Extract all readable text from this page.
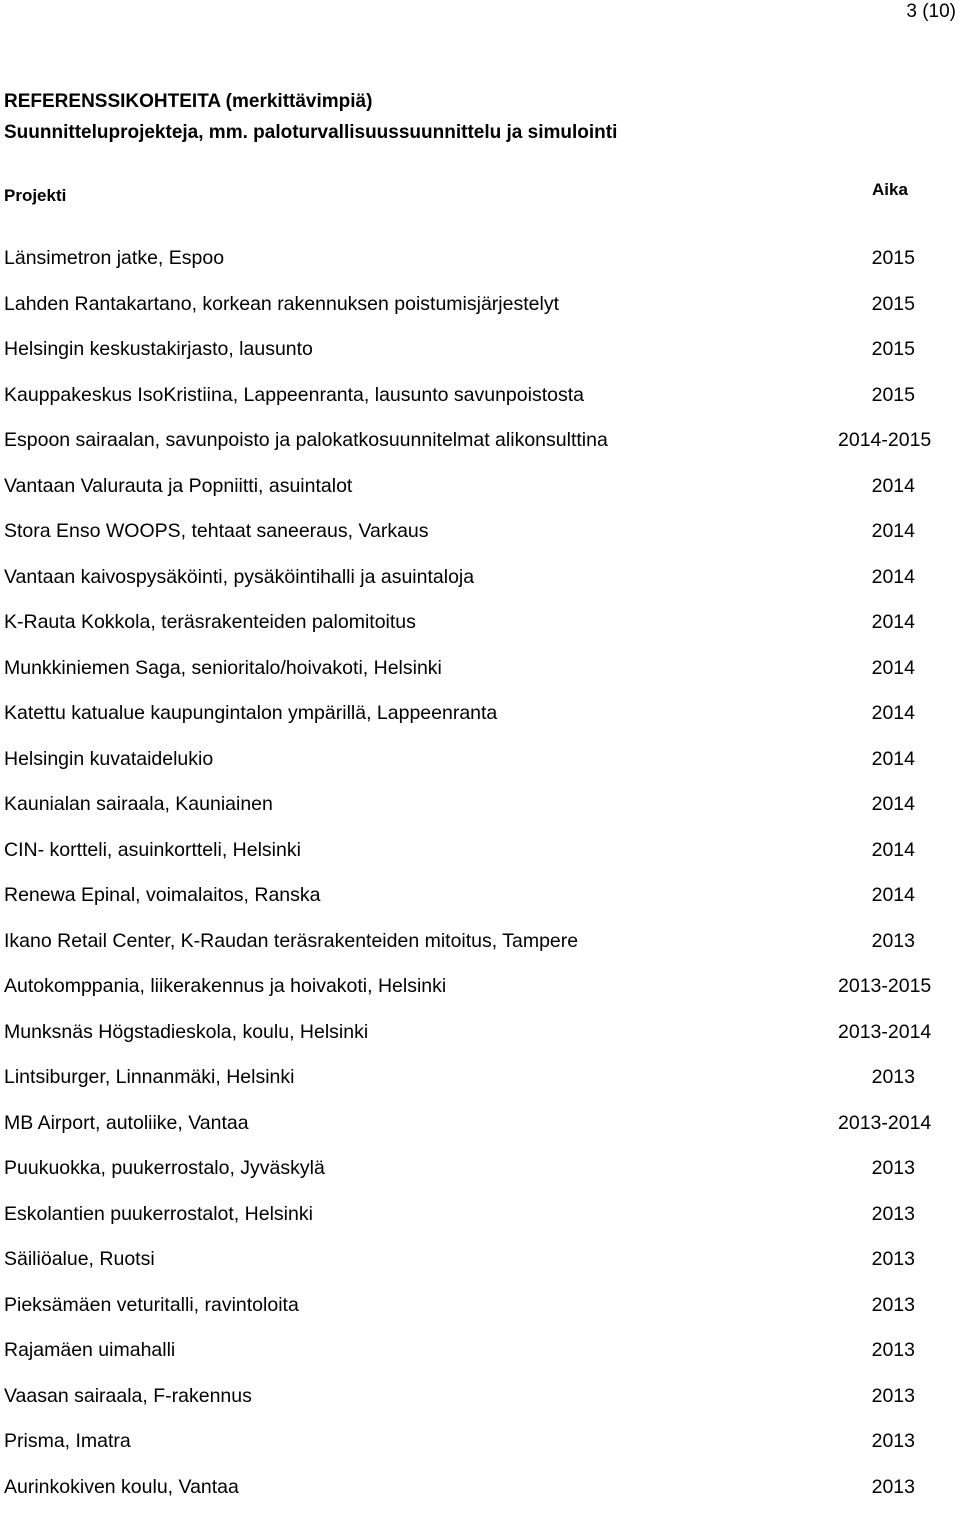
3 (10)
REFERENSSIKOHTEITA (merkittävimpiä)
Suunnitteluprojekteja, mm. paloturvallisuussuunnittelu ja simulointi
Projekti	Aika
Länsimetron jatke, Espoo	2015
Lahden Rantakartano, korkean rakennuksen poistumisjärjestelyt	2015
Helsingin keskustakirjasto, lausunto	2015
Kauppakeskus IsoKristiina, Lappeenranta, lausunto savunpoistosta	2015
Espoon sairaalan, savunpoisto ja palokatkosuunnitelmat alikonsulttina	2014-2015
Vantaan Valurauta ja Popniitti, asuintalot	2014
Stora Enso WOOPS, tehtaat saneeraus, Varkaus	2014
Vantaan kaivospysäköinti, pysäköintihalli ja asuintaloja	2014
K-Rauta Kokkola, teräsrakenteiden palomitoitus	2014
Munkkiniemen Saga, senioritalo/hoivakoti, Helsinki	2014
Katettu katualue kaupungintalon ympärillä, Lappeenranta	2014
Helsingin kuvataidelukio	2014
Kaunialan sairaala, Kauniainen	2014
CIN- kortteli, asuinkortteli, Helsinki	2014
Renewa Epinal, voimalaitos, Ranska	2014
Ikano Retail Center, K-Raudan teräsrakenteiden mitoitus, Tampere	2013
Autokomppania, liikerakennus ja hoivakoti, Helsinki	2013-2015
Munksnäs Högstadieskola, koulu, Helsinki	2013-2014
Lintsiburger, Linnanmäki, Helsinki	2013
MB Airport, autoliike, Vantaa	2013-2014
Puukuokka, puukerrostalo, Jyväskylä	2013
Eskolantien puukerrostalot, Helsinki	2013
Säiliöalue, Ruotsi	2013
Pieksämäen veturitalli, ravintoloita	2013
Rajamäen uimahalli	2013
Vaasan sairaala, F-rakennus	2013
Prisma, Imatra	2013
Aurinkokiven koulu, Vantaa	2013
